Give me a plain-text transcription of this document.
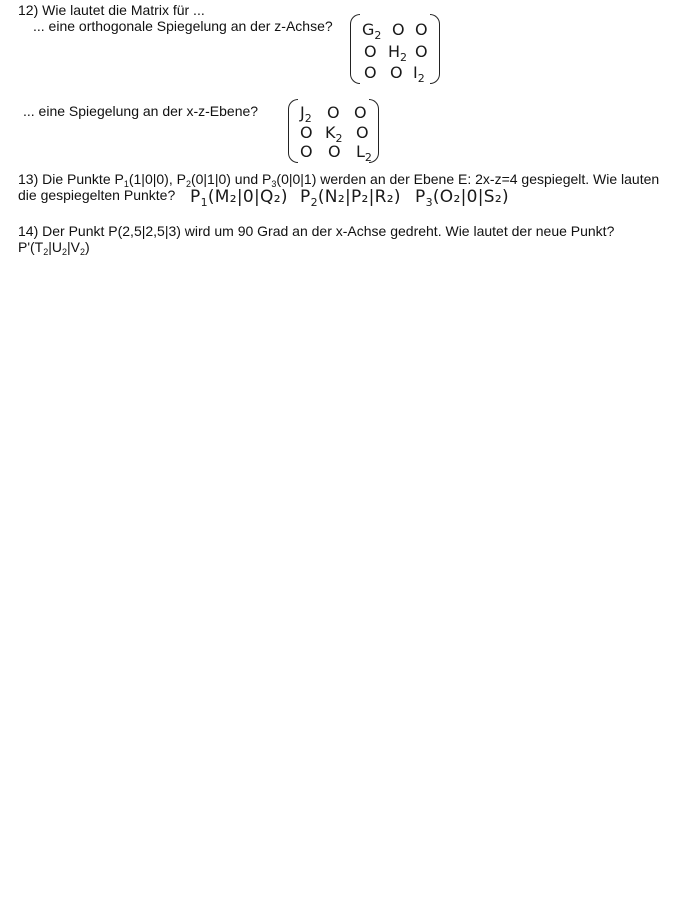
12) Wie lautet die Matrix für ...
... eine orthogonale Spiegelung an der z-Achse? $G_2$ O O
O $H_2$ O
O O $I_2$
... eine Spiegelung an der x-z-Ebene?	$J_2$ O O
O $K_2$ O
O O $L_2$
13) Die Punkte $P_1(1|0|0)$, $P_2(0|1|0)$ und $P_3(0|0|1)$ werden an der Ebene E: 2x-z=4 gespiegelt. Wie lauten
die gespiegelten Punkte? $P_1(M_2|0|Q_2)$ $P_2(N_2|P_2|R_2)$ $P_3(O_2|0|S_2)$
14) Der Punkt P(2,5|2,5|3) wird um 90 Grad an der x-Achse gedreht. Wie lautet der neue Punkt?
$P'(T_2|U_2|V_2)$
